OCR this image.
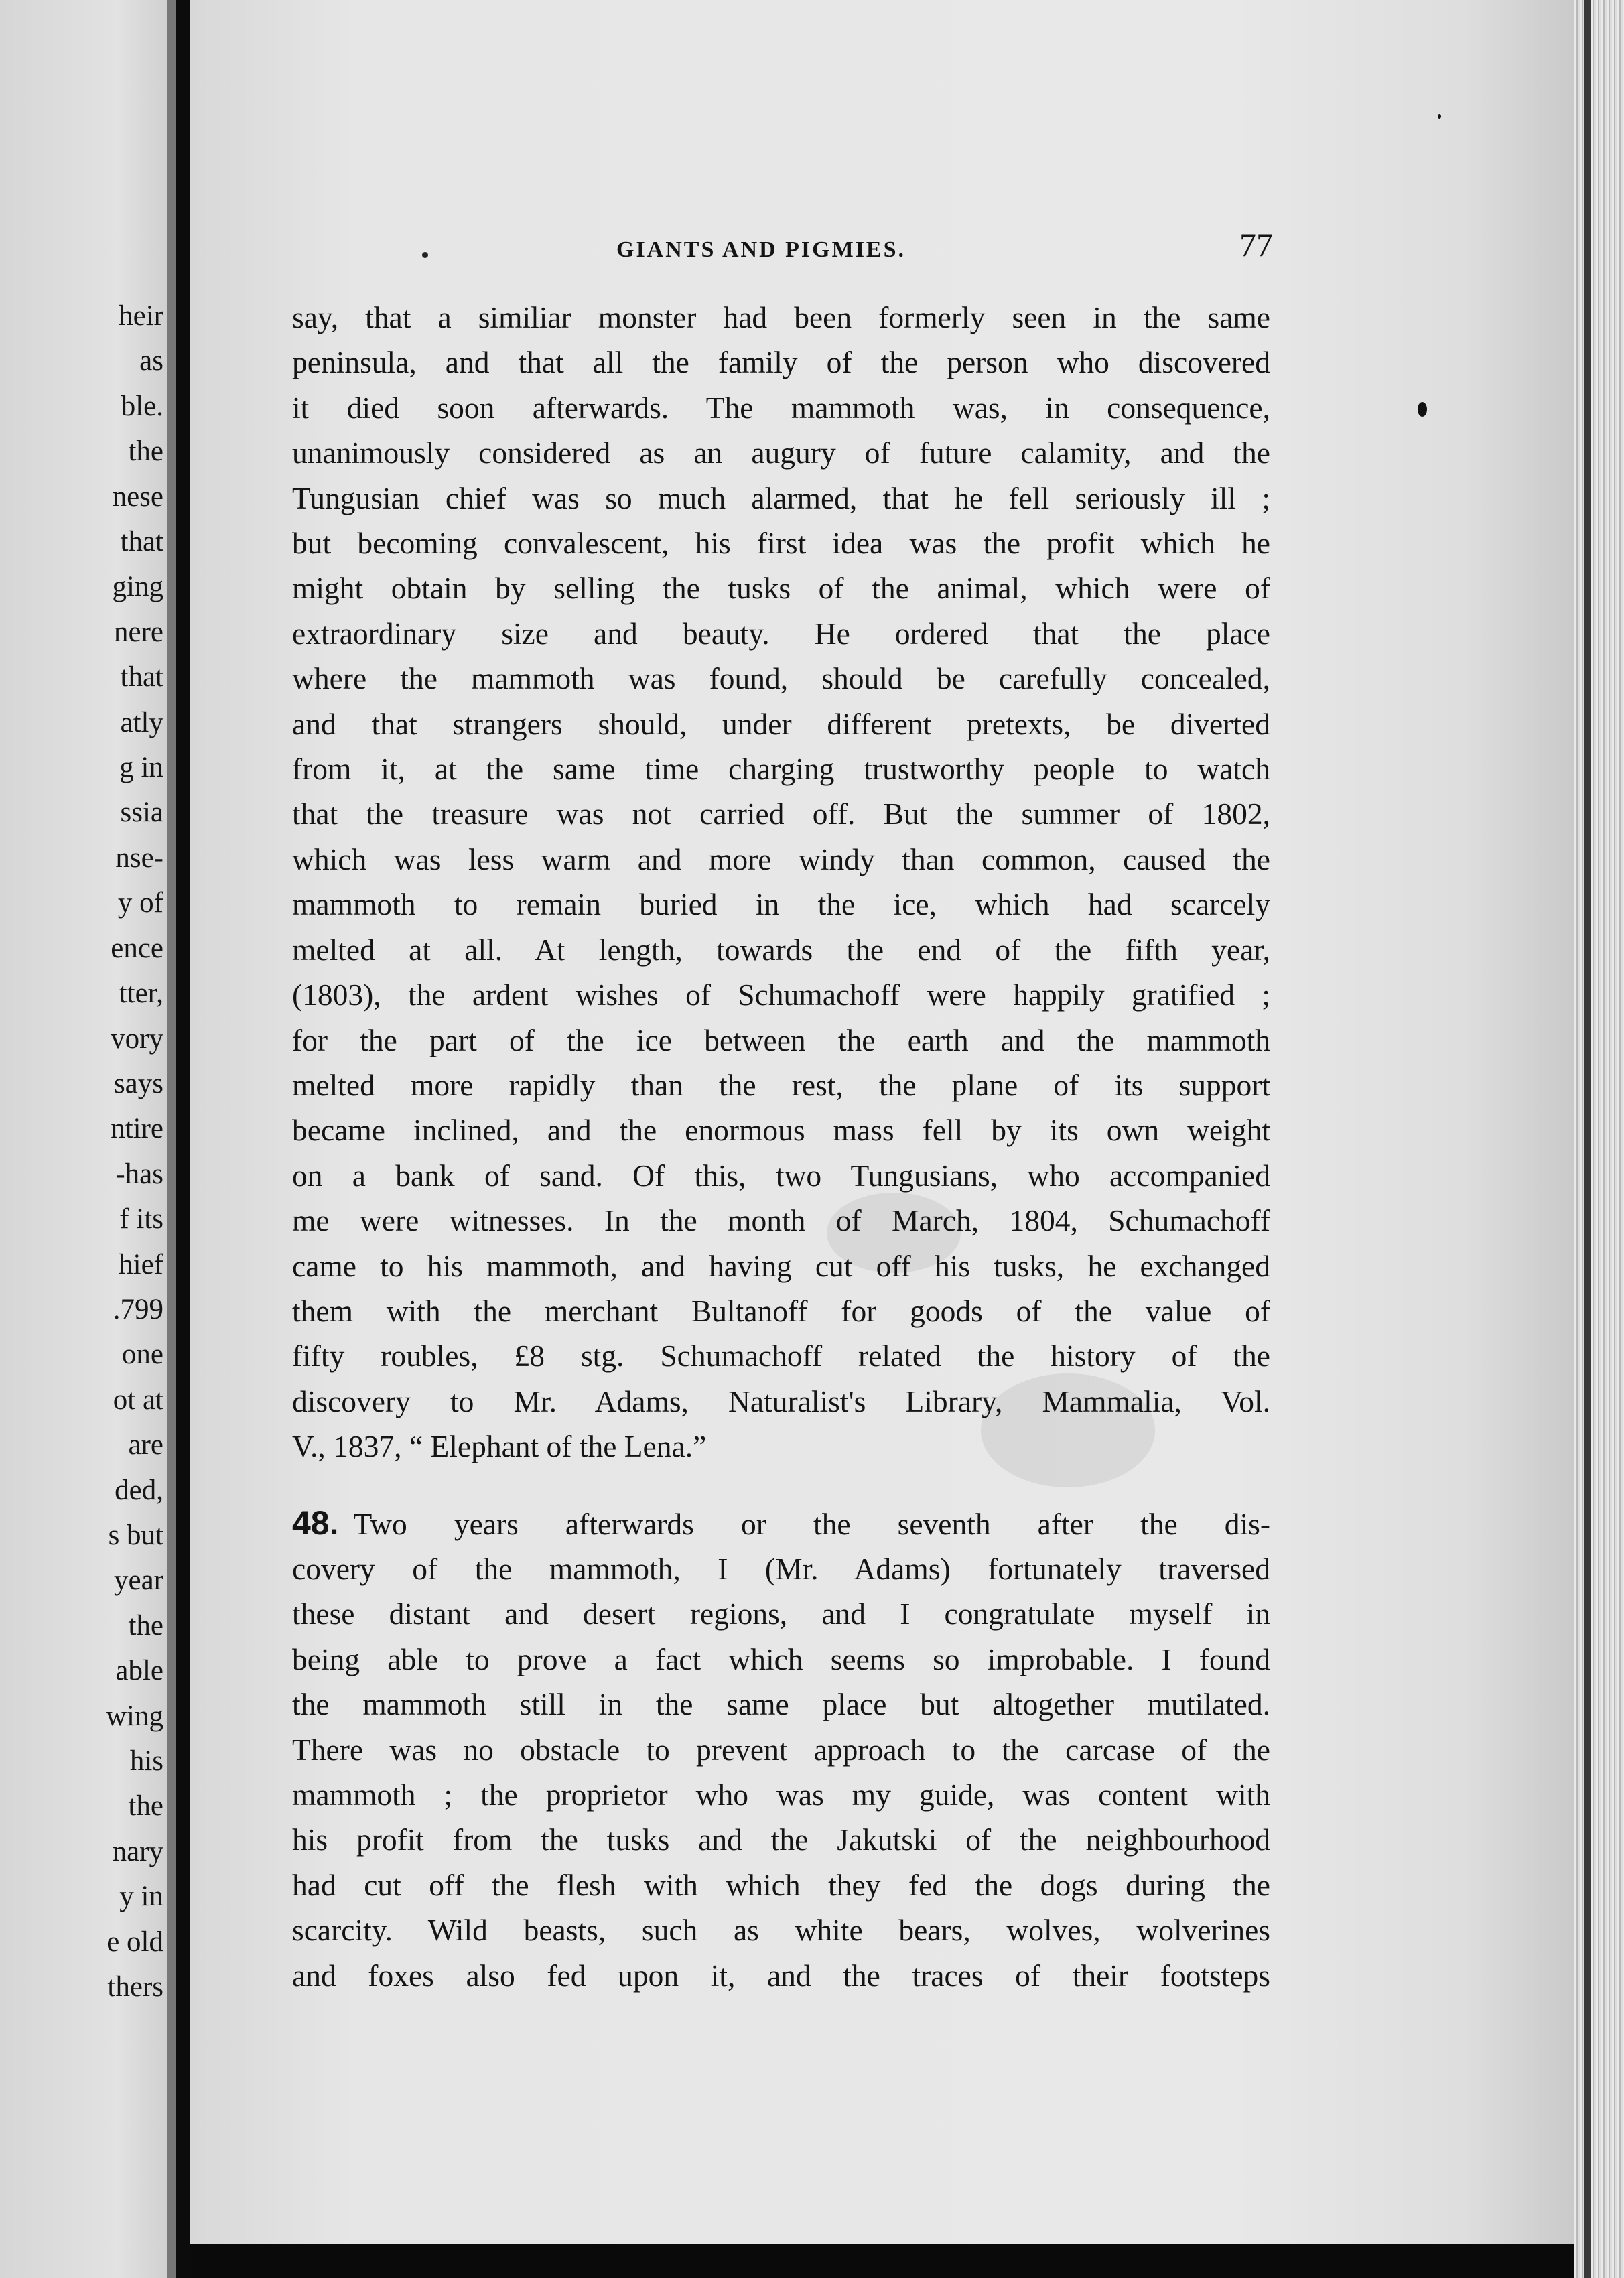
heir
as
ble.
the
nese
that
ging
nere
that
atly
g in
ssia
nse-
y of
ence
tter,
vory
says
ntire
-has
f its
hief
.799
one
ot at
are
ded,
s but
year
the
able
wing
his
the
nary
y in
e old
thers
GIANTS AND PIGMIES.	77
say, that a similiar monster had been formerly seen in the same
peninsula, and that all the family of the person who discovered
it died soon afterwards. The mammoth was, in consequence,
unanimously considered as an augury of future calamity, and the
Tungusian chief was so much alarmed, that he fell seriously ill ;
but becoming convalescent, his first idea was the profit which he
might obtain by selling the tusks of the animal, which were of
extraordinary size and beauty. He ordered that the place
where the mammoth was found, should be carefully concealed,
and that strangers should, under different pretexts, be diverted
from it, at the same time charging trustworthy people to watch
that the treasure was not carried off. But the summer of 1802,
which was less warm and more windy than common, caused the
mammoth to remain buried in the ice, which had scarcely
melted at all. At length, towards the end of the fifth year,
(1803), the ardent wishes of Schumachoff were happily gratified ;
for the part of the ice between the earth and the mammoth
melted more rapidly than the rest, the plane of its support
became inclined, and the enormous mass fell by its own weight
on a bank of sand. Of this, two Tungusians, who accompanied
me were witnesses. In the month of March, 1804, Schumachoff
came to his mammoth, and having cut off his tusks, he exchanged
them with the merchant Bultanoff for goods of the value of
fifty roubles, £8 stg. Schumachoff related the history of the
discovery to Mr. Adams, Naturalist's Library, Mammalia, Vol.
V., 1837, “ Elephant of the Lena.”
48. Two years afterwards or the seventh after the dis-
covery of the mammoth, I (Mr. Adams) fortunately traversed
these distant and desert regions, and I congratulate myself in
being able to prove a fact which seems so improbable. I found
the mammoth still in the same place but altogether mutilated.
There was no obstacle to prevent approach to the carcase of the
mammoth ; the proprietor who was my guide, was content with
his profit from the tusks and the Jakutski of the neighbourhood
had cut off the flesh with which they fed the dogs during the
scarcity. Wild beasts, such as white bears, wolves, wolverines
and foxes also fed upon it, and the traces of their footsteps
